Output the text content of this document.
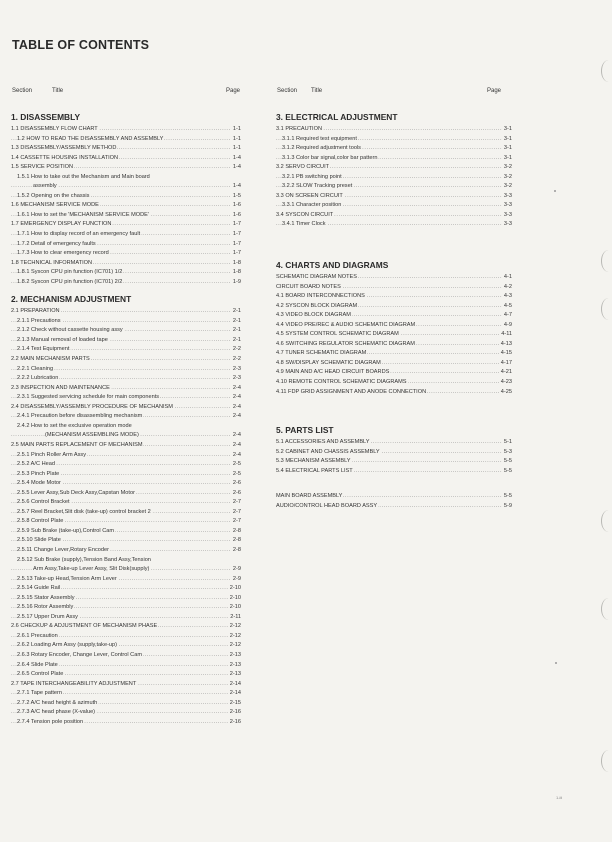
TABLE OF CONTENTS
Section	Title	Page	Section Title	Page
1. DISASSEMBLY
..... 1.1 DISASSEMBLY FLOW CHART	1-1
..... 1.2 HOW TO READ THE DISASSEMBLY AND ASSEMBLY	1-1
..... 1.3 DISASSEMBLY/ASSEMBLY METHOD	1-1
..... 1.4 CASSETTE HOUSING INSTALLATION	1-4
..... 1.5 SERVICE POSITION	1-4
1.5.1 How to take out the Mechanism and Main board
..... assembly	1-4
..... 1.5.2 Opening on the chassis	1-5
..... 1.6 MECHANISM SERVICE MODE	1-6
..... 1.6.1 How to set the 'MECHANISM SERVICE MODE'	1-6
..... 1.7 EMERGENCY DISPLAY FUNCTION	1-7
..... 1.7.1 How to display record of an emergency fault	1-7
..... 1.7.2 Detail of emergency faults	1-7
..... 1.7.3 How to clear emergency record	1-7
..... 1.8 TECHNICAL INFORMATION	1-8
..... 1.8.1 Syscon CPU pin function (IC701) 1/2	1-8
..... 1.8.2 Syscon CPU pin function (IC701) 2/2	1-9
2. MECHANISM ADJUSTMENT
..... 2.1 PREPARATION	2-1
..... 2.1.1 Precautions	2-1
..... 2.1.2 Check without cassette housing assy	2-1
..... 2.1.3 Manual removal of loaded tape	2-1
..... 2.1.4 Test Equipment	2-2
..... 2.2 MAIN MECHANISM PARTS	2-2
..... 2.2.1 Cleaning	2-3
..... 2.2.2 Lubrication	2-3
..... 2.3 INSPECTION AND MAINTENANCE	2-4
..... 2.3.1 Suggested servicing schedule for main components	2-4
..... 2.4 DISASSEMBLY/ASSEMBLY PROCEDURE OF MECHANISM	2-4
..... 2.4.1 Precaution before disassembling mechanism	2-4
2.4.2 How to set the exclusive operation mode
..... (MECHANISM ASSEMBLING MODE)	2-4
..... 2.5 MAIN PARTS REPLACEMENT OF MECHANISM	2-4
..... 2.5.1 Pinch Roller Arm Assy	2-4
..... 2.5.2 A/C Head	2-5
..... 2.5.3 Pinch Plate	2-5
..... 2.5.4 Mode Motor	2-6
..... 2.5.5 Lever Assy,Sub Deck Assy,Capstan Motor	2-6
..... 2.5.6 Control Bracket	2-7
..... 2.5.7 Reel Bracket,Slit disk (take-up) control bracket 2	2-7
..... 2.5.8 Control Plate	2-7
..... 2.5.9 Sub Brake (take-up),Control Cam	2-8
..... 2.5.10 Slide Plate	2-8
..... 2.5.11 Change Lever,Rotary Encoder	2-8
2.5.12 Sub Brake (supply),Tension Band Assy,Tension
..... Arm Assy,Take-up Lever Assy, Slit Disk(supply)	2-9
..... 2.5.13 Take-up Head,Tension Arm Lever	2-9
..... 2.5.14 Guide Rail	2-10
..... 2.5.15 Stator Assembly	2-10
..... 2.5.16 Rotor Assembly	2-10
..... 2.5.17 Upper Drum Assy	2-11
..... 2.6 CHECKUP & ADJUSTMENT OF MECHANISM PHASE	2-12
..... 2.6.1 Precaution	2-12
..... 2.6.2 Loading Arm Assy (supply,take-up)	2-12
..... 2.6.3 Rotary Encoder, Change Lever, Control Cam	2-13
..... 2.6.4 Slide Plate	2-13
..... 2.6.5 Control Plate	2-13
..... 2.7 TAPE INTERCHANGEABILITY ADJUSTMENT	2-14
..... 2.7.1 Tape pattern	2-14
..... 2.7.2 A/C head height & azimuth	2-15
..... 2.7.3 A/C head phase (X-value)	2-16
..... 2.7.4 Tension pole position	2-16
3. ELECTRICAL ADJUSTMENT
..... 3.1 PRECAUTION	3-1
..... 3.1.1 Required test equipment	3-1
..... 3.1.2 Required adjustment tools	3-1
..... 3.1.3 Color bar signal,color bar pattern	3-1
..... 3.2 SERVO CIRCUIT	3-2
..... 3.2.1 PB switching point	3-2
..... 3.2.2 SLOW Tracking preset	3-2
..... 3.3 ON SCREEN CIRCUIT	3-3
..... 3.3.1 Character position	3-3
..... 3.4 SYSCON CIRCUIT	3-3
..... 3.4.1 Timer Clock	3-3
4. CHARTS AND DIAGRAMS
..... SCHEMATIC DIAGRAM NOTES	4-1
..... CIRCUIT BOARD NOTES	4-2
..... 4.1 BOARD INTERCONNECTIONS	4-3
..... 4.2 SYSCON BLOCK DIAGRAM	4-5
..... 4.3 VIDEO BLOCK DIAGRAM	4-7
..... 4.4 VIDEO PRE/REC & AUDIO SCHEMATIC DIAGRAM	4-9
..... 4.5 SYSTEM CONTROL SCHEMATIC DIAGRAM	4-11
..... 4.6 SWITCHING REGULATOR SCHEMATIC DIAGRAM	4-13
..... 4.7 TUNER SCHEMATIC DIAGRAM	4-15
..... 4.8 SW/DISPLAY SCHEMATIC DIAGRAM	4-17
..... 4.9 MAIN AND A/C HEAD CIRCUIT BOARDS	4-21
..... 4.10 REMOTE CONTROL SCHEMATIC DIAGRAMS	4-23
..... 4.11 FDP GRID ASSIGNMENT AND ANODE CONNECTION	4-25
5. PARTS LIST
..... 5.1 ACCESSORIES AND ASSEMBLY	5-1
..... 5.2 CABINET AND CHASSIS ASSEMBLY	5-3
..... 5.3 MECHANISM ASSEMBLY	5-5
..... 5.4 ELECTRICAL PARTS LIST	5-5
..... MAIN BOARD ASSEMBLY	5-5
..... AUDIO/CONTROL HEAD BOARD ASSY	5-9
1-iii
